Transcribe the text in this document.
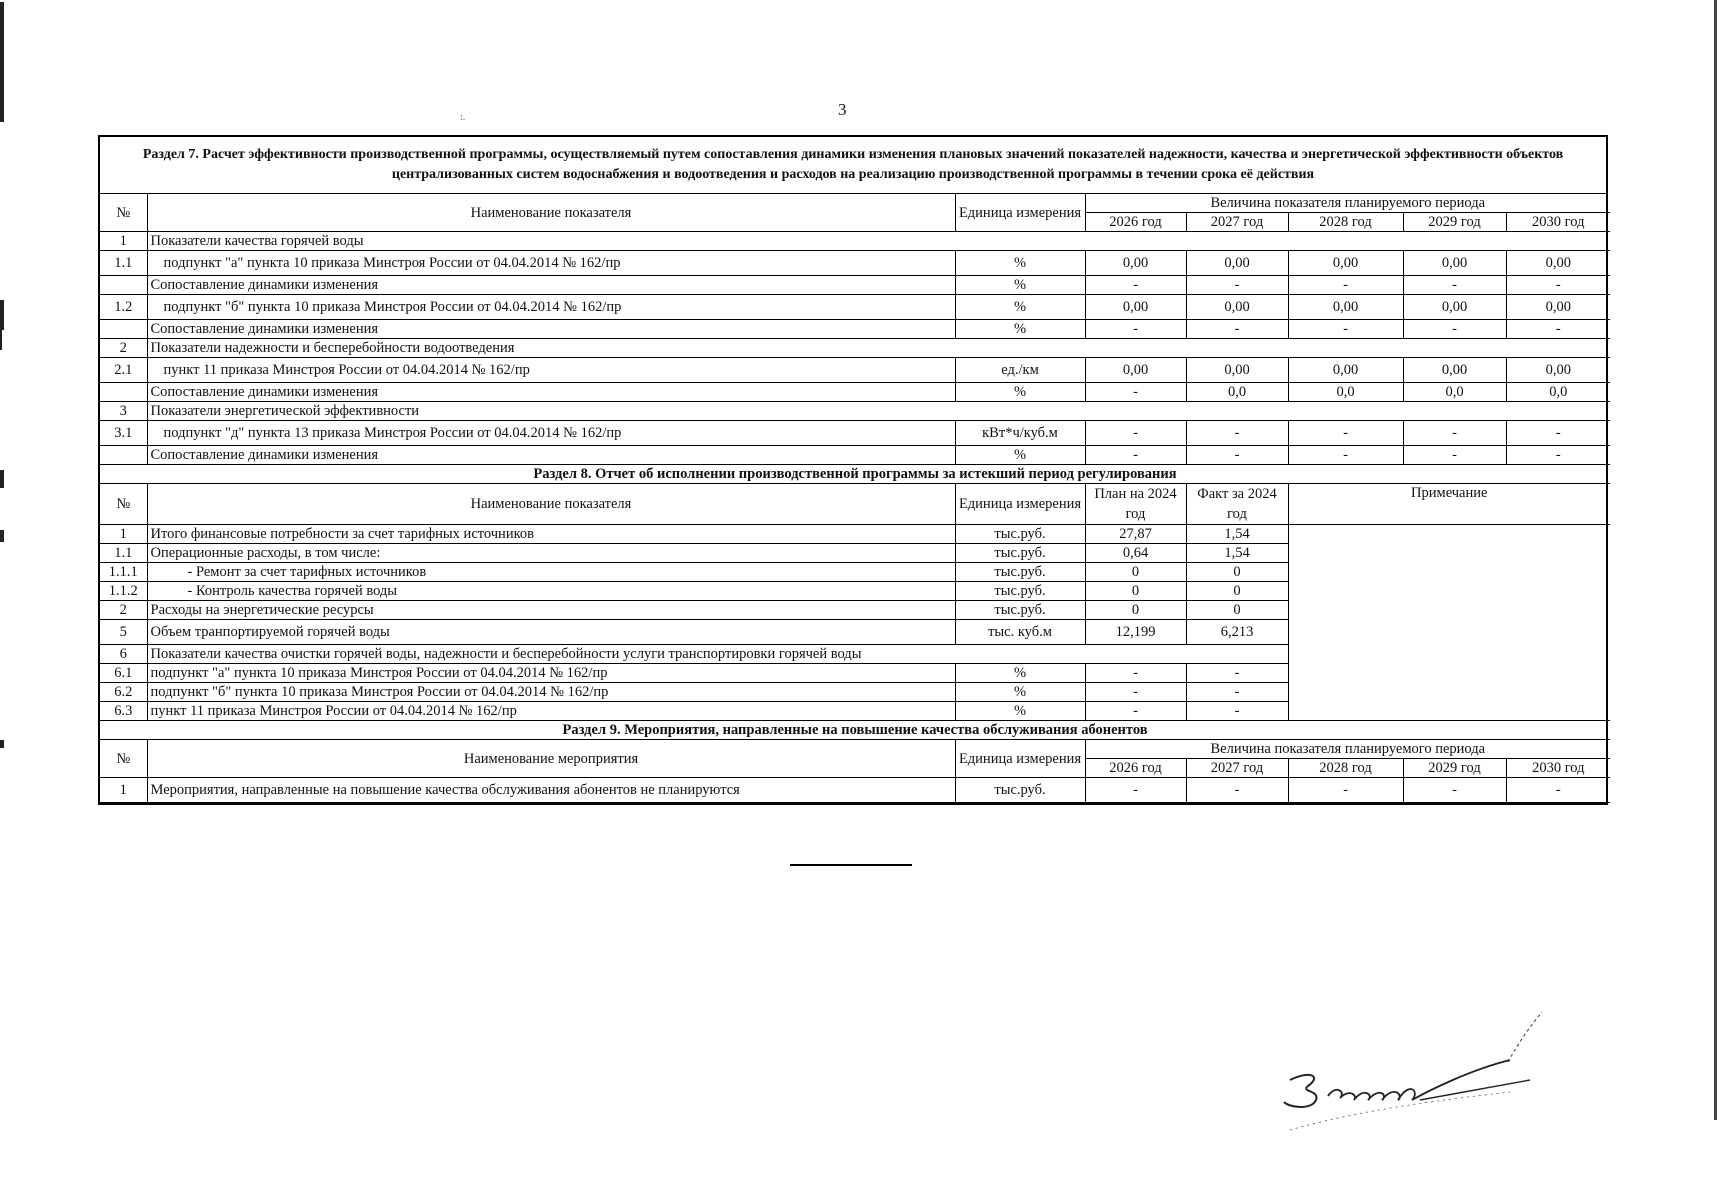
3
:.
Раздел 7. Расчет эффективности производственной программы, осуществляемый путем сопоставления динамики изменения плановых значений показателей надежности, качества и энергетической эффективности объектов централизованных систем водоснабжения и водоотведения и расходов на реализацию производственной программы в течении срока её действия
№	Наименование показателя	Единица измерения	Величина показателя планируемого периода				
			2026 год	2027 год	2028 год	2029 год	2030 год
1	Показатели качества горячей воды						
1.1	подпункт "а" пункта 10 приказа Минстроя России от 04.04.2014 № 162/пр	%	0,00	0,00	0,00	0,00	0,00
	Сопоставление динамики изменения	%	-	-	-	-	-
1.2	подпункт "б" пункта 10 приказа Минстроя России от 04.04.2014 № 162/пр	%	0,00	0,00	0,00	0,00	0,00
	Сопоставление динамики изменения	%	-	-	-	-	-
2	Показатели надежности и бесперебойности водоотведения						
2.1	пункт 11 приказа Минстроя России от 04.04.2014 № 162/пр	ед./км	0,00	0,00	0,00	0,00	0,00
	Сопоставление динамики изменения	%	-	0,0	0,0	0,0	0,0
3	Показатели энергетической эффективности						
3.1	подпункт "д" пункта 13 приказа Минстроя России от 04.04.2014 № 162/пр	кВт*ч/куб.м	-	-	-	-	-
	Сопоставление динамики изменения	%	-	-	-	-	-
Раздел 8. Отчет об исполнении производственной программы за истекший период регулирования					
№	Наименование показателя	Единица измерения	План на 2024 год	Факт за 2024 год	Примечание
1	Итого финансовые потребности за счет тарифных источников	тыс.руб.	27,87	1,54	
1.1	Операционные расходы, в том числе:	тыс.руб.	0,64	1,54	
1.1.1	- Ремонт за счет тарифных источников	тыс.руб.	0	0	
1.1.2	- Контроль качества горячей воды	тыс.руб.	0	0	
2	Расходы на энергетические ресурсы	тыс.руб.	0	0	
5	Объем транпортируемой горячей воды	тыс. куб.м	12,199	6,213	
6	Показатели качества очистки горячей воды, надежности и бесперебойности услуги транспортировки горячей воды				
6.1	подпункт "а" пункта 10 приказа Минстроя России от 04.04.2014 № 162/пр	%	-	-	
6.2	подпункт "б" пункта 10 приказа Минстроя России от 04.04.2014 № 162/пр	%	-	-	
6.3	пункт 11 приказа Минстроя России от 04.04.2014 № 162/пр	%	-	-	
Раздел 9. Мероприятия, направленные на повышение качества обслуживания абонентов							
№	Наименование мероприятия	Единица измерения	Величина показателя планируемого периода				
			2026 год	2027 год	2028 год	2029 год	2030 год
1	Мероприятия, направленные на повышение качества обслуживания абонентов не планируются	тыс.руб.	-	-	-	-	-
